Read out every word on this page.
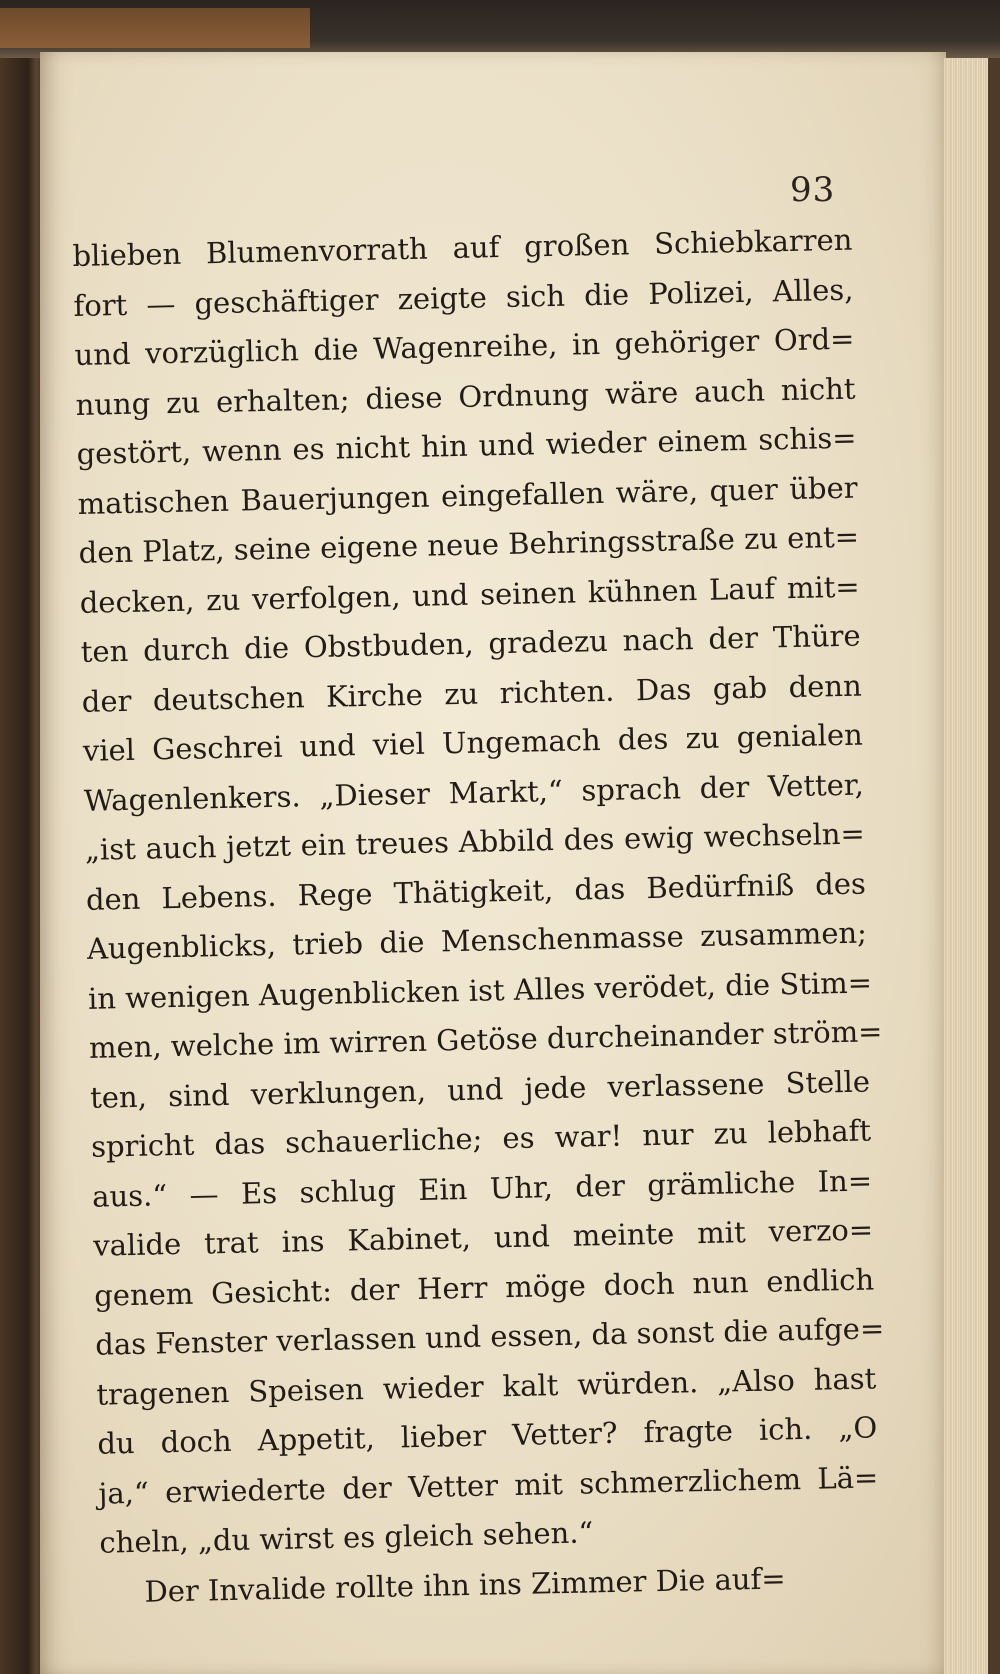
93
blieben Blumenvorrath auf großen Schiebkarren
fort — geschäftiger zeigte sich die Polizei, Alles,
und vorzüglich die Wagenreihe, in gehöriger Ord=
nung zu erhalten; diese Ordnung wäre auch nicht
gestört, wenn es nicht hin und wieder einem schis=
matischen Bauerjungen eingefallen wäre, quer über
den Platz, seine eigene neue Behringsstraße zu ent=
decken, zu verfolgen, und seinen kühnen Lauf mit=
ten durch die Obstbuden, gradezu nach der Thüre
der deutschen Kirche zu richten. Das gab denn
viel Geschrei und viel Ungemach des zu genialen
Wagenlenkers. „Dieser Markt,“ sprach der Vetter,
„ist auch jetzt ein treues Abbild des ewig wechseln=
den Lebens. Rege Thätigkeit, das Bedürfniß des
Augenblicks, trieb die Menschenmasse zusammen;
in wenigen Augenblicken ist Alles verödet, die Stim=
men, welche im wirren Getöse durcheinander ström=
ten, sind verklungen, und jede verlassene Stelle
spricht das schauerliche; es war! nur zu lebhaft
aus.“ — Es schlug Ein Uhr, der grämliche In=
valide trat ins Kabinet, und meinte mit verzo=
genem Gesicht: der Herr möge doch nun endlich
das Fenster verlassen und essen, da sonst die aufge=
tragenen Speisen wieder kalt würden. „Also hast
du doch Appetit, lieber Vetter? fragte ich. „O
ja,“ erwiederte der Vetter mit schmerzlichem Lä=
cheln, „du wirst es gleich sehen.“
Der Invalide rollte ihn ins Zimmer Die auf=
